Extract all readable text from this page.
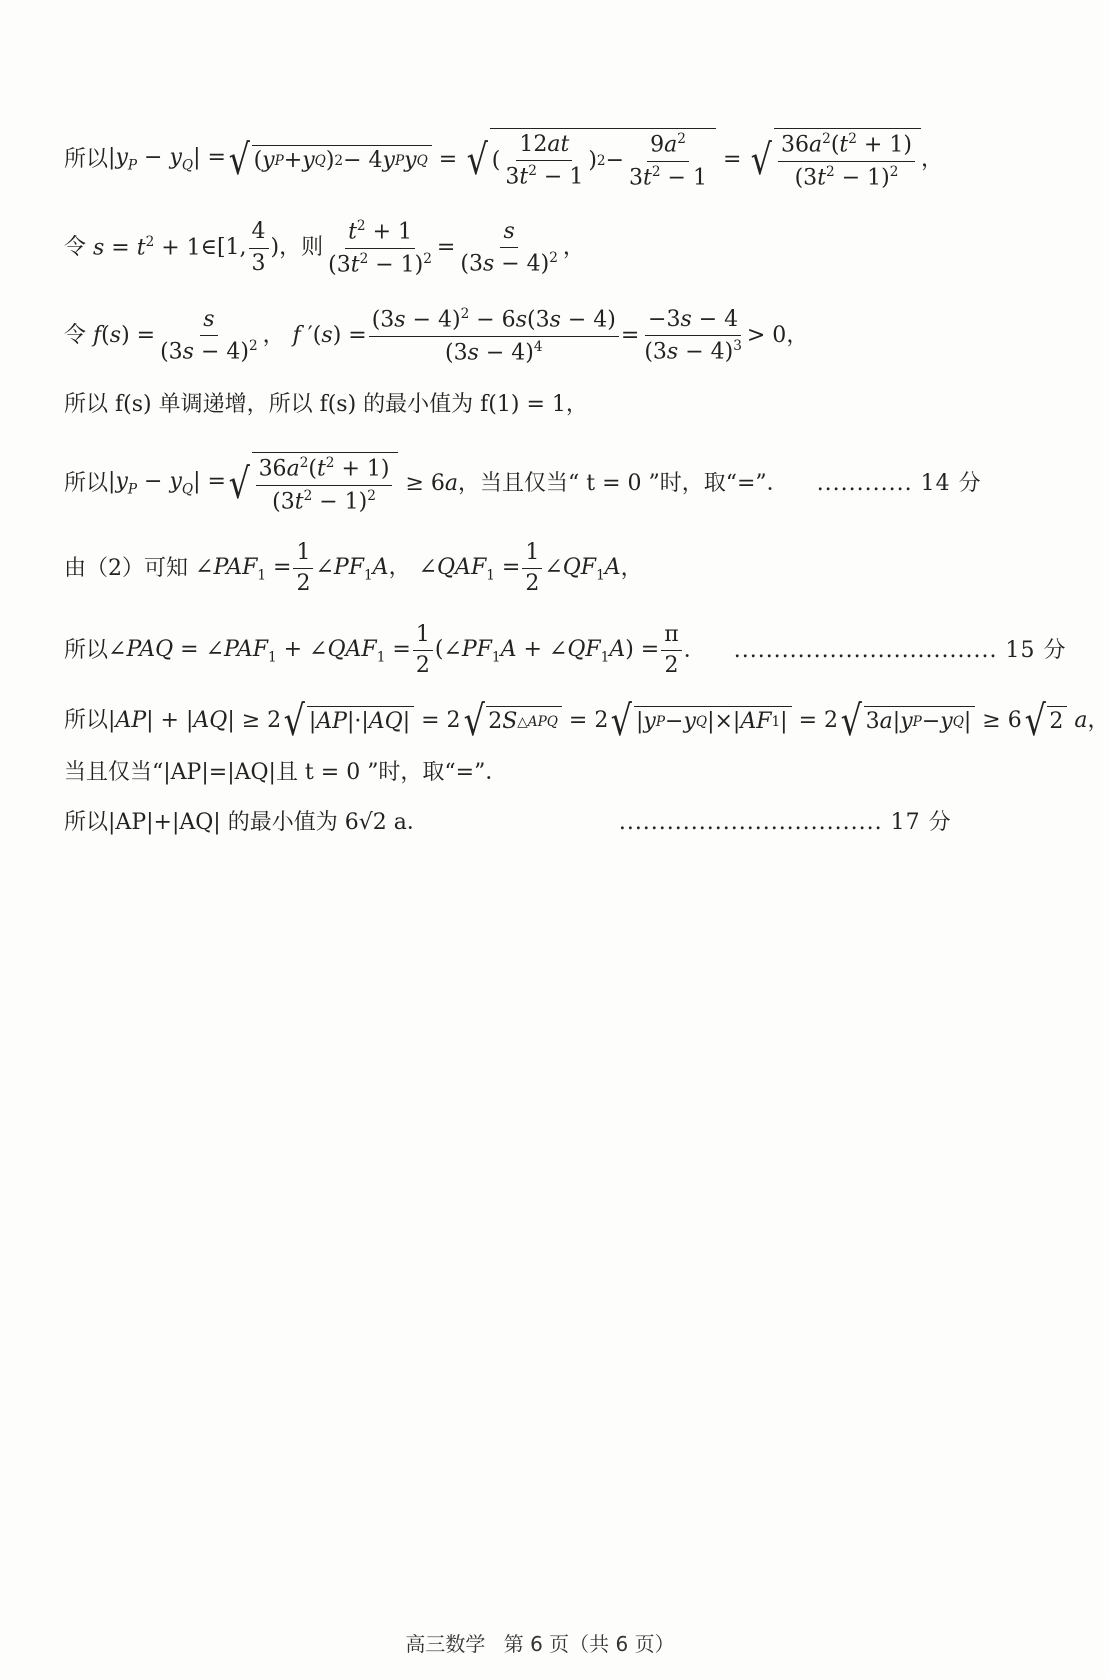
所以 $|y_P - y_Q|$ = √ ( y P + y Q ) 2 − 4 y P y Q = √ ( $\frac{12at}{3t^2 - 1}$ ) $2 - \frac{9a^2}{3t^2 - 1}$ = √ $\frac{36a^2(t^2 + 1)}{(3t^2 - 1)^2}$ ，
令 $s = t^2 + 1$ ∈[1, $\frac{4}{3}$ ) ，则 $\frac{t^2 + 1}{(3t^2 - 1)^2} = \frac{s}{(3s - 4)^2}$ ，
令 $f(s) = \frac{s}{(3s - 4)^2}$ ， f $'(s) = \frac{(3s - 4)^2 - 6s(3s - 4)}{(3s - 4)^4} = \frac{-3s - 4}{(3s - 4)^3} > 0$ ，
所以 f(s) 单调递增，所以 f(s) 的最小值为 f(1) = 1，
所以 $|y_P - y_Q|$ = √ $\frac{36a^2(t^2 + 1)}{(3t^2 - 1)^2} \ge 6a$ ，当且仅当“ t = 0 ”时，取“=”． ............ 14 分
由（2）可知 $\angle PAF_1 = \frac{1}{2}$ $\angle PF_1A$， $\angle QAF_1 = \frac{1}{2}$ $\angle QF_1A$ ，
所以 ∠PAQ = $\angle PAF_1$ + $\angle QAF_1 = \frac{1}{2}$ ($\angle PF_1A$ + $\angle QF_1A) = \frac{\pi}{2}$ ． ................................. 15 分
所以 |AP| + |AQ| ≥ 2 √ | AP |·| AQ | = 2 √ 2 S △APQ = 2 √ | y P − y Q |×| AF 1 | = 2 √ 3 a | y P − y Q | ≥ 6 √ 2 a ，
当且仅当“|AP|=|AQ|且 t = 0 ”时，取“=”．
所以 |AP|+|AQ| 的最小值为 6√2 a．	................................. 17 分
高三数学 第 6 页（共 6 页）
